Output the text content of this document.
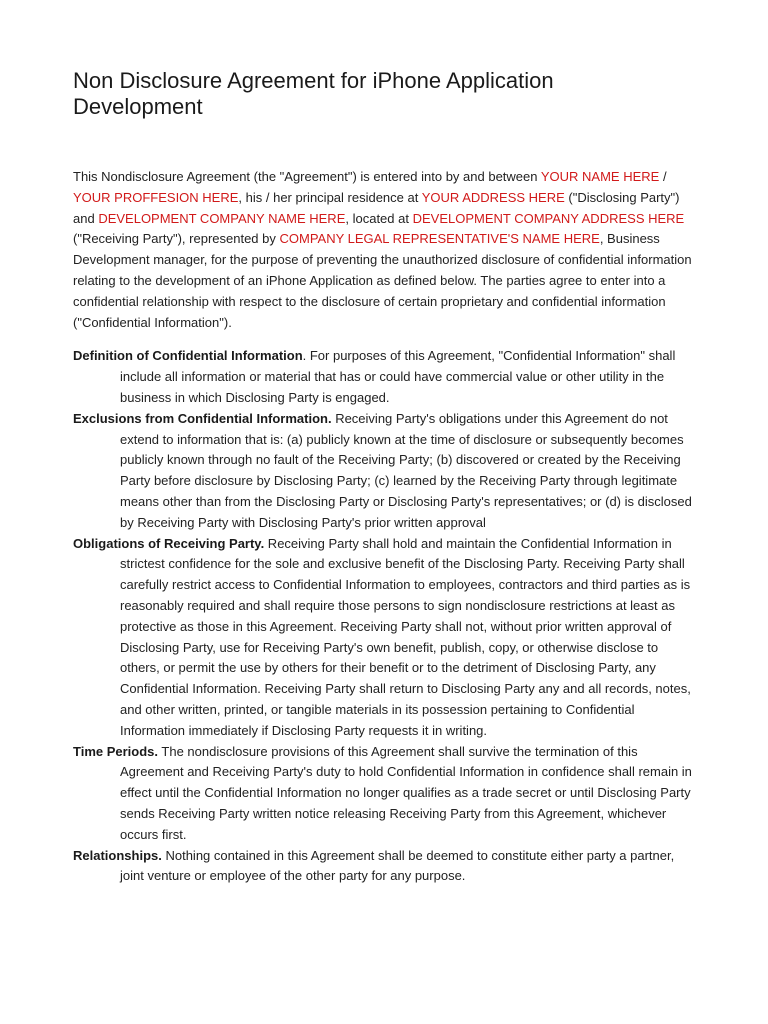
Non Disclosure Agreement for iPhone Application Development

This Nondisclosure Agreement (the "Agreement") is entered into by and between YOUR NAME HERE / YOUR PROFFESION HERE, his / her principal residence at YOUR ADDRESS HERE ("Disclosing Party") and DEVELOPMENT COMPANY NAME HERE, located at DEVELOPMENT COMPANY ADDRESS HERE ("Receiving Party"), represented by COMPANY LEGAL REPRESENTATIVE'S NAME HERE, Business Development manager, for the purpose of preventing the unauthorized disclosure of confidential information relating to the development of an iPhone Application as defined below. The parties agree to enter into a confidential relationship with respect to the disclosure of certain proprietary and confidential information ("Confidential Information").

Definition of Confidential Information. For purposes of this Agreement, "Confidential Information" shall include all information or material that has or could have commercial value or other utility in the business in which Disclosing Party is engaged.
Exclusions from Confidential Information. Receiving Party's obligations under this Agreement do not extend to information that is: (a) publicly known at the time of disclosure or subsequently becomes publicly known through no fault of the Receiving Party; (b) discovered or created by the Receiving Party before disclosure by Disclosing Party; (c) learned by the Receiving Party through legitimate means other than from the Disclosing Party or Disclosing Party's representatives; or (d) is disclosed by Receiving Party with Disclosing Party's prior written approval
Obligations of Receiving Party. Receiving Party shall hold and maintain the Confidential Information in strictest confidence for the sole and exclusive benefit of the Disclosing Party. Receiving Party shall carefully restrict access to Confidential Information to employees, contractors and third parties as is reasonably required and shall require those persons to sign nondisclosure restrictions at least as protective as those in this Agreement. Receiving Party shall not, without prior written approval of Disclosing Party, use for Receiving Party's own benefit, publish, copy, or otherwise disclose to others, or permit the use by others for their benefit or to the detriment of Disclosing Party, any Confidential Information. Receiving Party shall return to Disclosing Party any and all records, notes, and other written, printed, or tangible materials in its possession pertaining to Confidential Information immediately if Disclosing Party requests it in writing.
Time Periods. The nondisclosure provisions of this Agreement shall survive the termination of this Agreement and Receiving Party's duty to hold Confidential Information in confidence shall remain in effect until the Confidential Information no longer qualifies as a trade secret or until Disclosing Party sends Receiving Party written notice releasing Receiving Party from this Agreement, whichever occurs first.
Relationships. Nothing contained in this Agreement shall be deemed to constitute either party a partner, joint venture or employee of the other party for any purpose.
